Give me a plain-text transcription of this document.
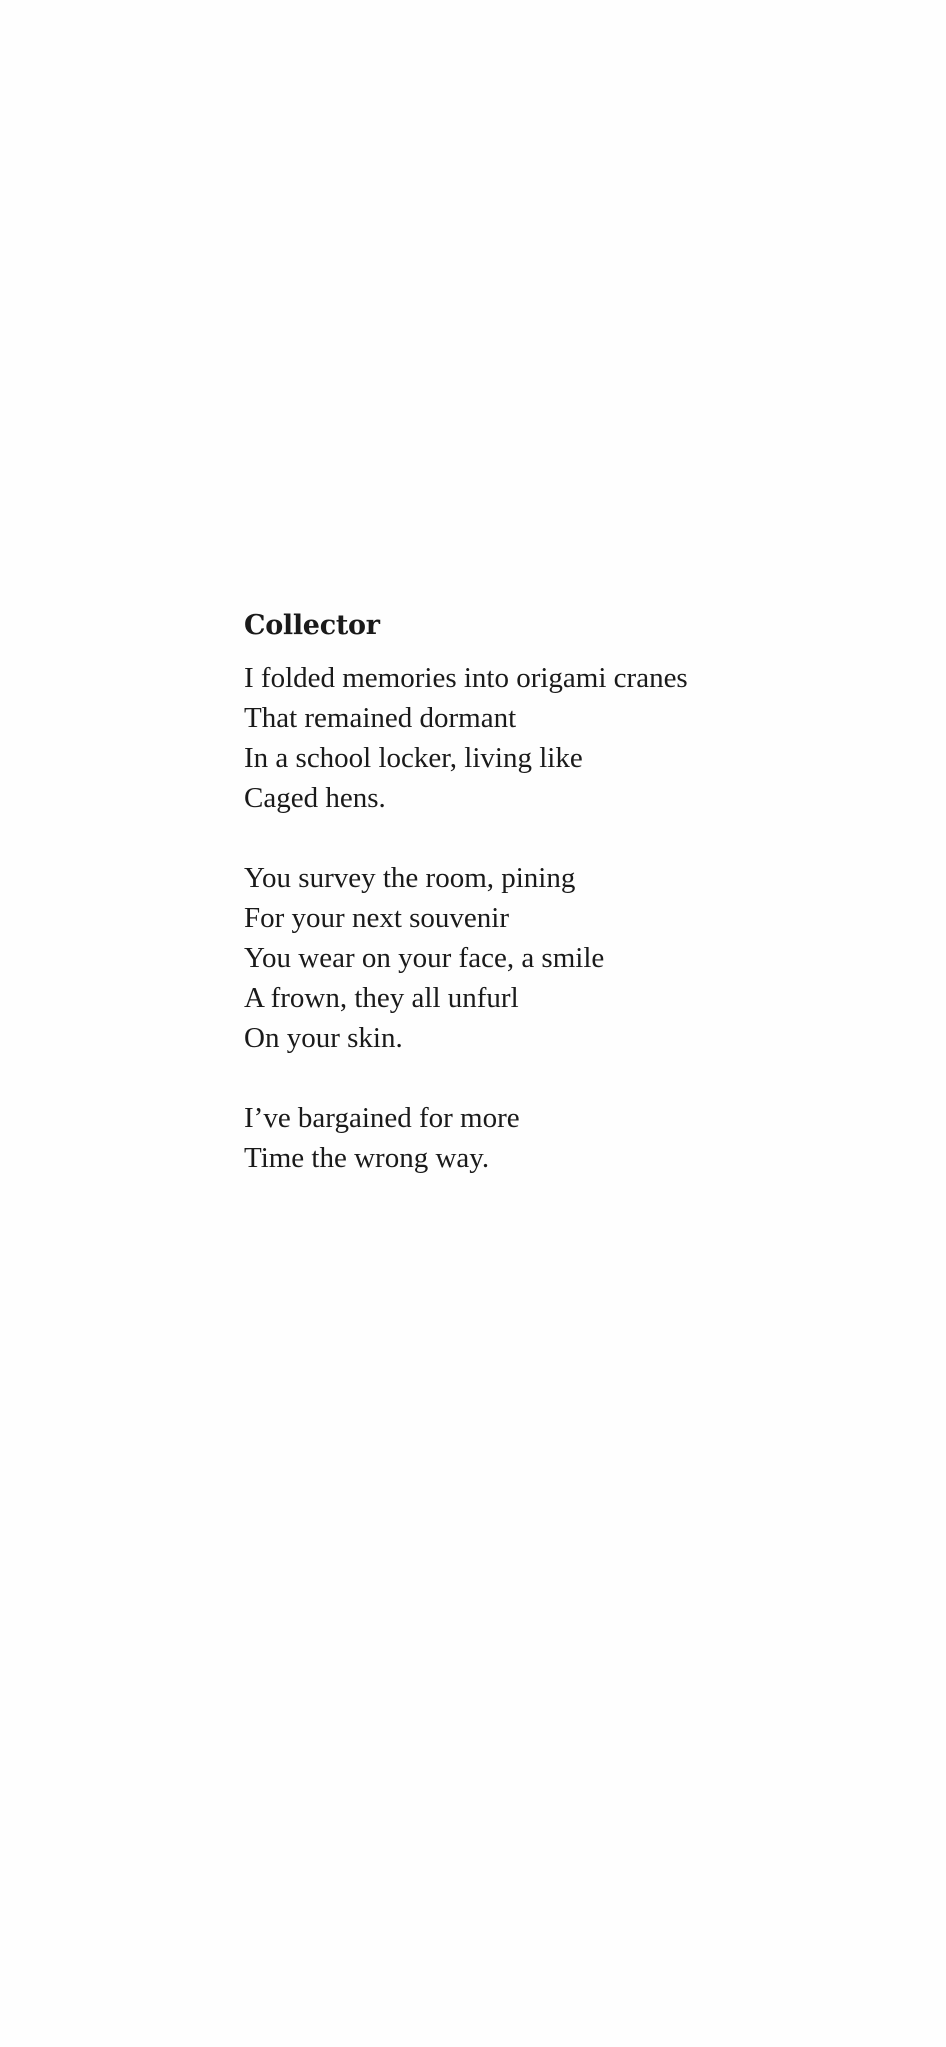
Collector
I folded memories into origami cranes
That remained dormant
In a school locker, living like
Caged hens.
You survey the room, pining
For your next souvenir
You wear on your face, a smile
A frown, they all unfurl
On your skin.
I’ve bargained for more
Time the wrong way.
